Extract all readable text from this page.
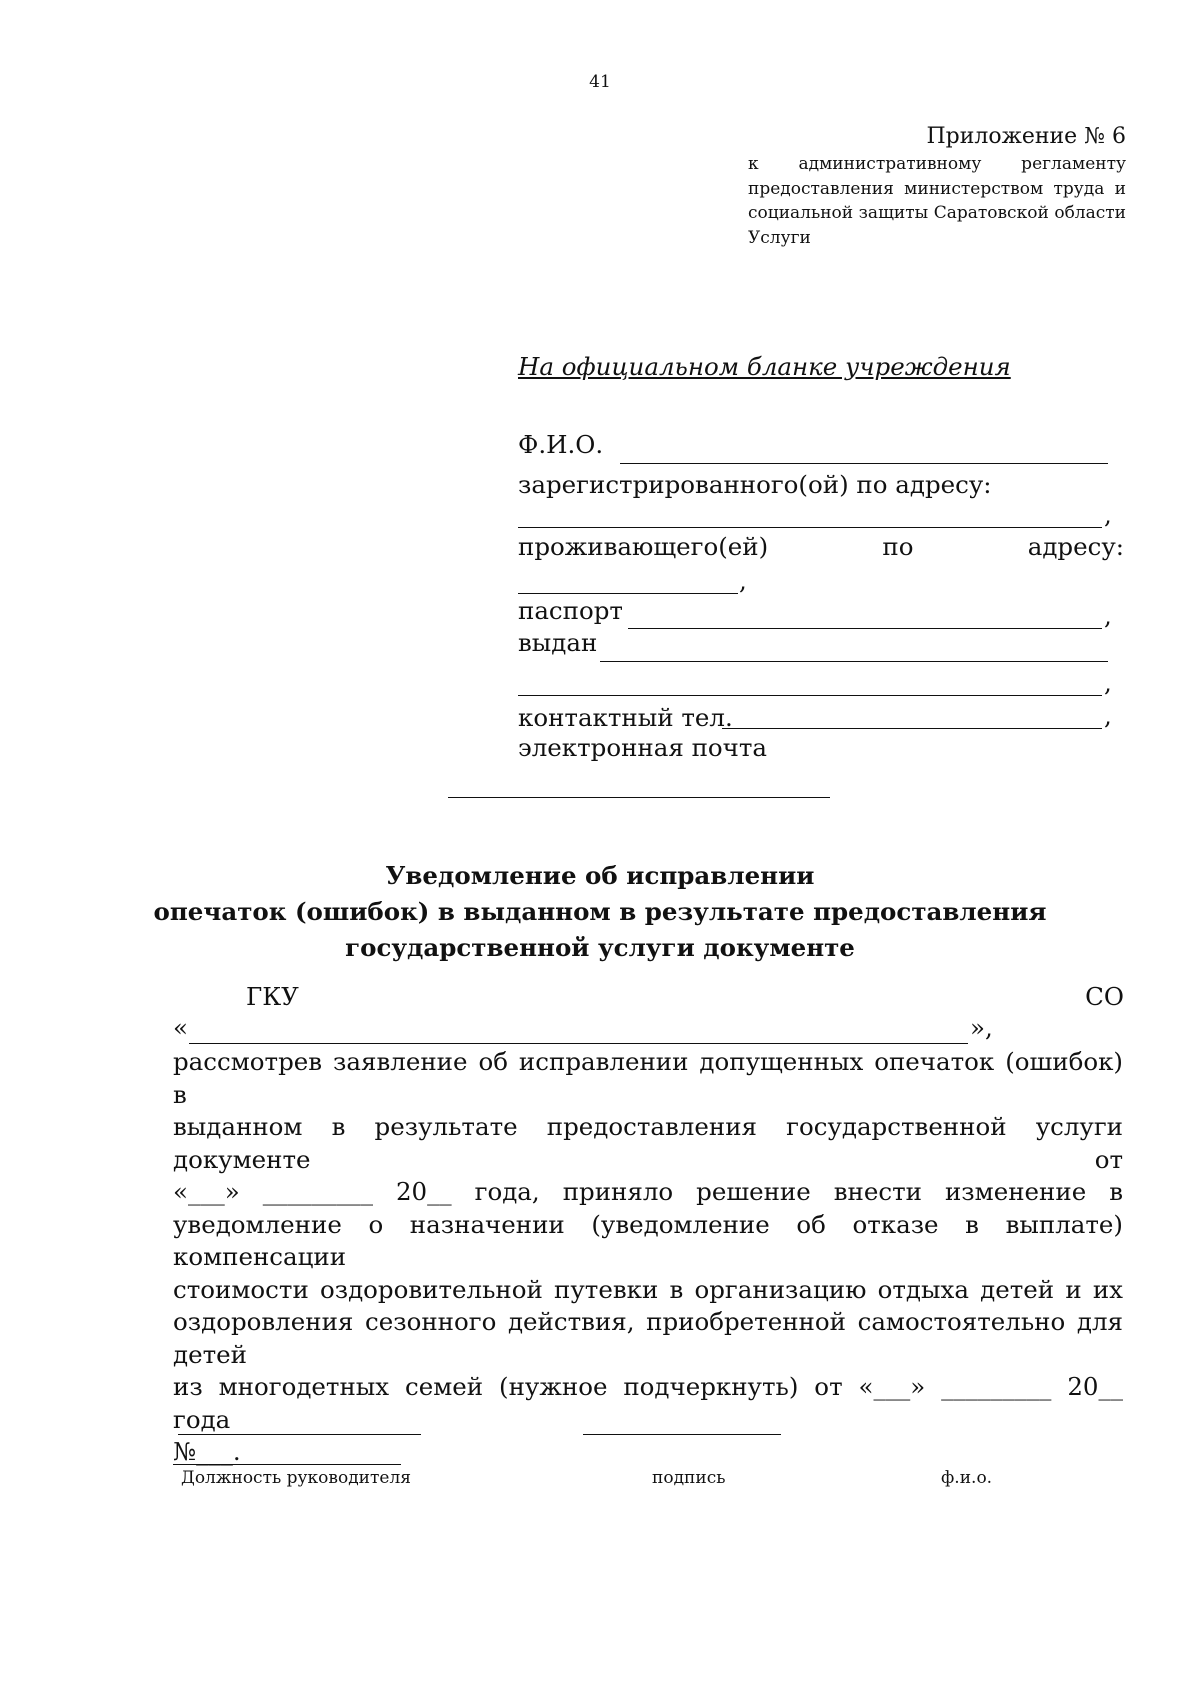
41
Приложение № 6
к административному регламенту
предоставления министерством труда и
социальной защиты Саратовской области
Услуги
На официальном бланке учреждения
Ф.И.О.
зарегистрированного(ой) по адресу:
,
проживающего(ей)	по	адресу:
,
паспорт	,
выдан
,
контактный тел.	,
электронная почта
Уведомление об исправлении
опечаток (ошибок) в выданном в результате предоставления
государственной услуги документе
ГКУ	СО
«	»,
рассмотрев заявление об исправлении допущенных опечаток (ошибок) в
выданном в результате предоставления государственной услуги документе от
«___» _________ 20__ года, приняло решение внести изменение в
уведомление о назначении (уведомление об отказе в выплате) компенсации
стоимости оздоровительной путевки в организацию отдыха детей и их
оздоровления сезонного действия, приобретенной самостоятельно для детей
из многодетных семей (нужное подчеркнуть) от «___» _________ 20__ года
№___.
Должность руководителя	подпись	ф.и.о.
